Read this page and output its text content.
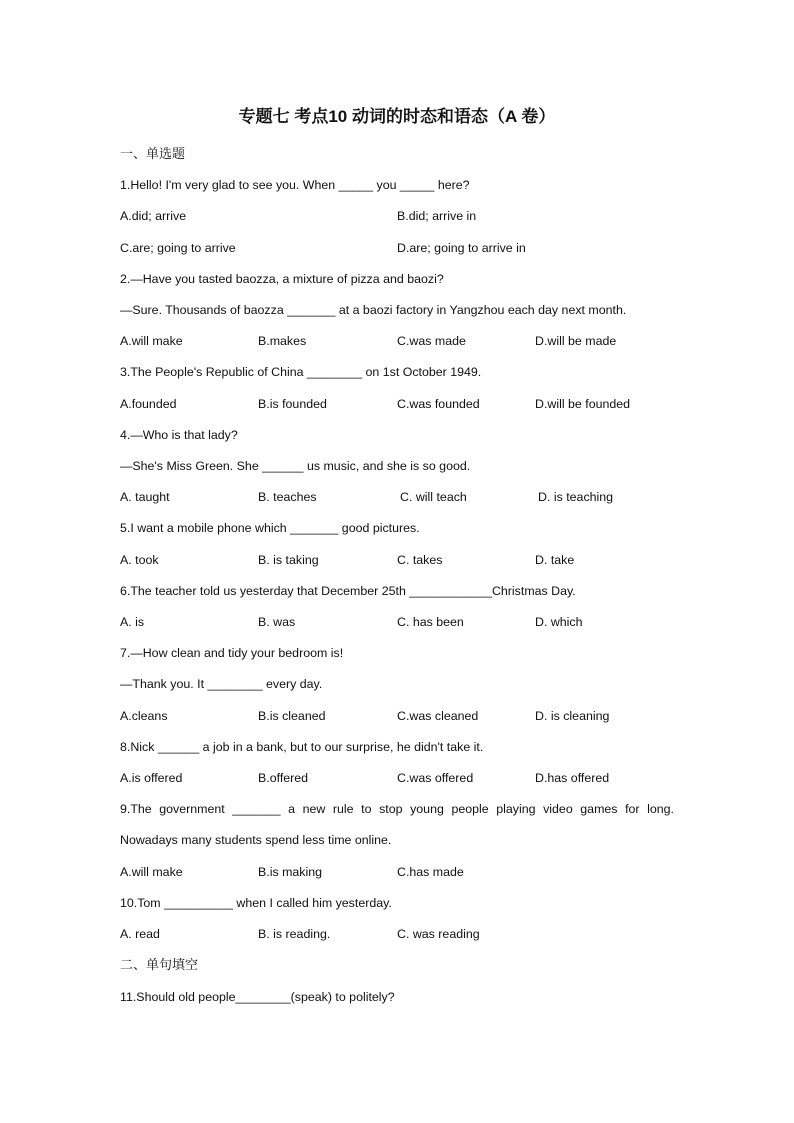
专题七 考点10 动词的时态和语态（A 卷）
一、单选题
1.Hello! I'm very glad to see you. When _____ you _____ here?
A.did; arrive	B.did; arrive in
C.are; going to arrive	D.are; going to arrive in
2.—Have you tasted baozza, a mixture of pizza and baozi?
—Sure. Thousands of baozza _______ at a baozi factory in Yangzhou each day next month.
A.will make	B.makes	C.was made	D.will be made
3.The People's Republic of China ________ on 1st October 1949.
A.founded	B.is founded	C.was founded	D.will be founded
4.—Who is that lady?
—She's Miss Green. She ______ us music, and she is so good.
A. taught	B. teaches	C. will teach	D. is teaching
5.I want a mobile phone which _______ good pictures.
A. took	B. is taking	C. takes	D. take
6.The teacher told us yesterday that December 25th ____________Christmas Day.
A. is	B. was	C. has been	D. which
7.—How clean and tidy your bedroom is!
—Thank you. It ________ every day.
A.cleans	B.is cleaned	C.was cleaned	D. is cleaning
8.Nick ______ a job in a bank, but to our surprise, he didn't take it.
A.is offered	B.offered	C.was offered	D.has offered
9.The government _______ a new rule to stop young people playing video games for long.
Nowadays many students spend less time online.
A.will make	B.is making	C.has made
10.Tom __________ when I called him yesterday.
A. read	B. is reading.	C. was reading
二、单句填空
11.Should old people________(speak) to politely?
